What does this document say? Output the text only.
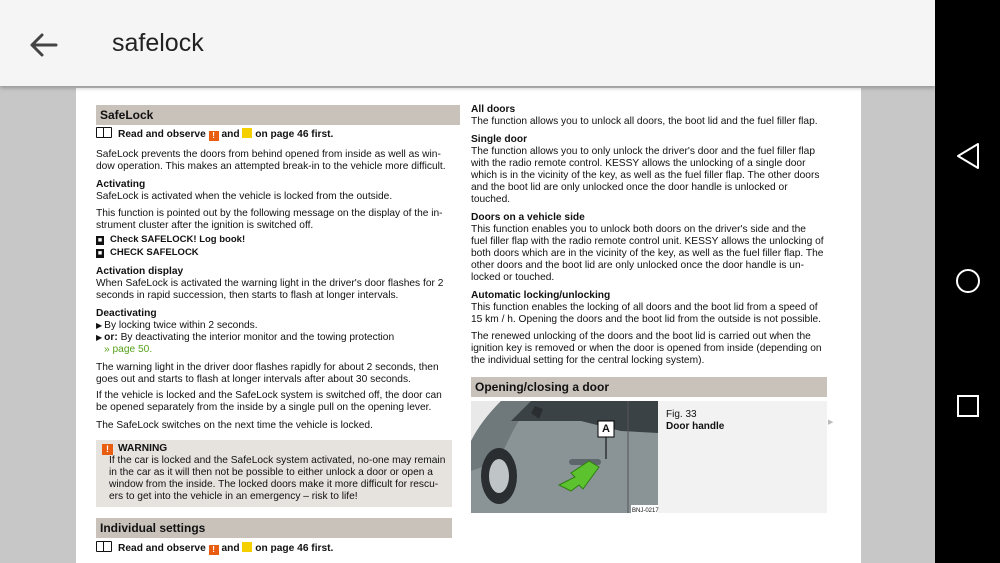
safelock
SafeLock
Read and observe ! and on page 46 first.

SafeLock prevents the doors from behind opened from inside as well as win-

dow operation. This makes an attempted break-in to the vehicle more difficult.

Activating

SafeLock is activated when the vehicle is locked from the outside.

This function is pointed out by the following message on the display of the in-

strument cluster after the ignition is switched off.

■ Check SAFELOCK! Log book!
■ CHECK SAFELOCK

Activation display

When SafeLock is activated the warning light in the driver's door flashes for 2

seconds in rapid succession, then starts to flash at longer intervals.

Deactivating

▶ By locking twice within 2 seconds.

▶ or: By deactivating the interior monitor and the towing protection

» page 50.

The warning light in the driver door flashes rapidly for about 2 seconds, then

goes out and starts to flash at longer intervals after about 30 seconds.

If the vehicle is locked and the SafeLock system is switched off, the door can

be opened separately from the inside by a single pull on the opening lever.

The SafeLock switches on the next time the vehicle is locked.
! WARNING

If the car is locked and the SafeLock system activated, no-one may remain

in the car as it will then not be possible to either unlock a door or open a

window from the inside. The locked doors make it more difficult for rescu-

ers to get into the vehicle in an emergency – risk to life!

Individual settings
Read and observe ! and on page 46 first.

All doors

The function allows you to unlock all doors, the boot lid and the fuel filler flap.

Single door

The function allows you to only unlock the driver's door and the fuel filler flap

with the radio remote control. KESSY allows the unlocking of a single door

which is in the vicinity of the key, as well as the fuel filler flap. The other doors

and the boot lid are only unlocked once the door handle is unlocked or

touched.

Doors on a vehicle side

This function enables you to unlock both doors on the driver's side and the

fuel filler flap with the radio remote control unit. KESSY allows the unlocking of

both doors which are in the vicinity of the key, as well as the fuel filler flap. The

other doors and the boot lid are only unlocked once the door handle is un-

locked or touched.

Automatic locking/unlocking

This function enables the locking of all doors and the boot lid from a speed of

15 km / h. Opening the doors and the boot lid from the outside is not possible.

The renewed unlocking of the doors and the boot lid is carried out when the

ignition key is removed or when the door is opened from inside (depending on

the individual setting for the central locking system).

Opening/closing a door
A
BNJ-0217
Fig. 33
Door handle	▶
